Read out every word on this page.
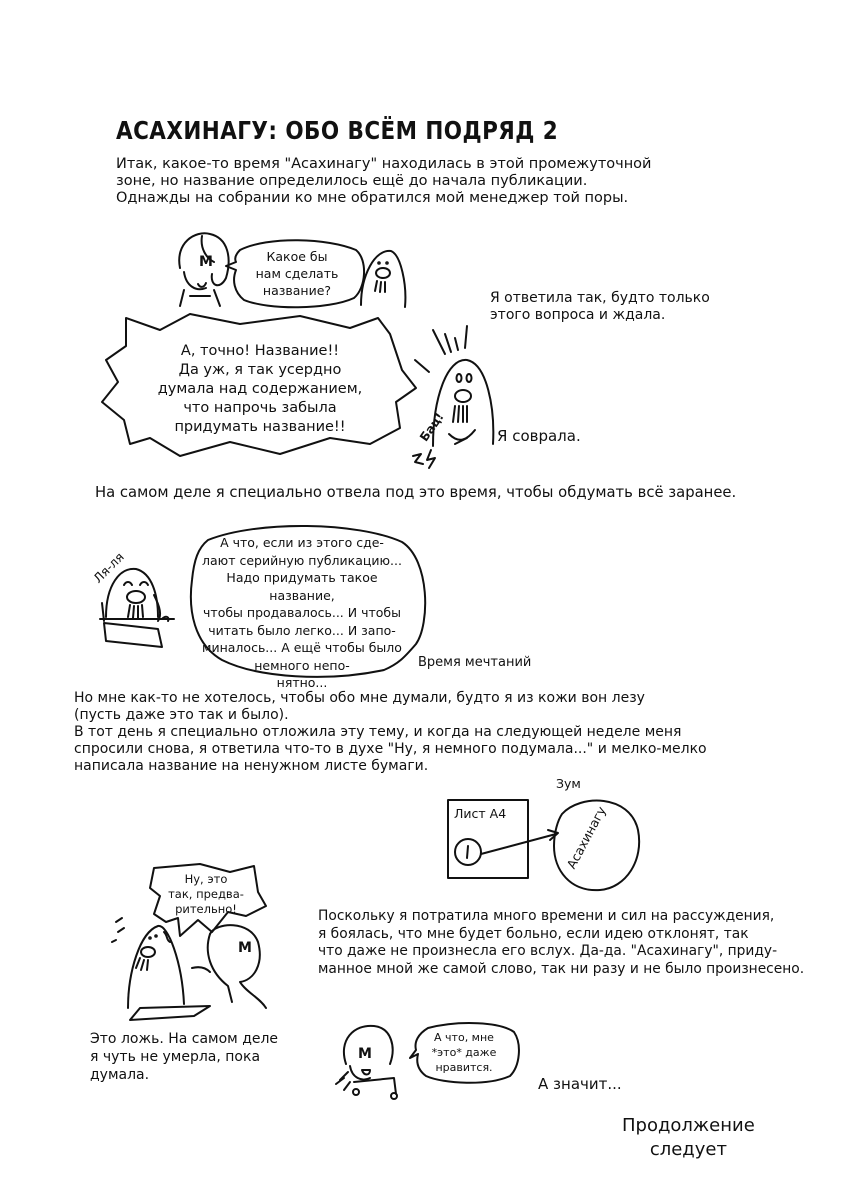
АСАХИНАГУ: ОБО ВСЁМ ПОДРЯД 2
Итак, какое-то время "Асахинагу" находилась в этой промежуточной
зоне, но название определилось ещё до начала публикации.
Однажды на собрании ко мне обратился мой менеджер той поры.
M	Какое бы
нам сделать
название?	Я ответила так, будто только
этого вопроса и ждала.
А, точно! Название!!
Да уж, я так усердно
думала над содержанием,
что напрочь забыла
придумать название!!	Бац!	Я соврала.
На самом деле я специально отвела под это время, чтобы обдумать всё заранее.
Ля-ля
А что, если из этого сде-
лают серийную публикацию...
Надо придумать такое название,
чтобы продавалось... И чтобы
читать было легко... И запо-
миналось... А ещё чтобы было
немного непо-
нятно...
Время мечтаний
Но мне как-то не хотелось, чтобы обо мне думали, будто я из кожи вон лезу
(пусть даже это так и было).
В тот день я специально отложила эту тему, и когда на следующей неделе меня
спросили снова, я ответила что-то в духе "Ну, я немного подумала..." и мелко-мелко
написала название на ненужном листе бумаги.
Лист А4
Зум
Асахинагу
Ну, это
так, предва-
рительно!
M
Поскольку я потратила много времени и сил на рассуждения,
я боялась, что мне будет больно, если идею отклонят, так
что даже не произнесла его вслух. Да-да. "Асахинагу", приду-
манное мной же самой слово, так ни разу и не было произнесено.
Это ложь. На самом деле
я чуть не умерла, пока
думала.
M
А что, мне
*это* даже
нравится.
А значит...
Продолжение
следует
